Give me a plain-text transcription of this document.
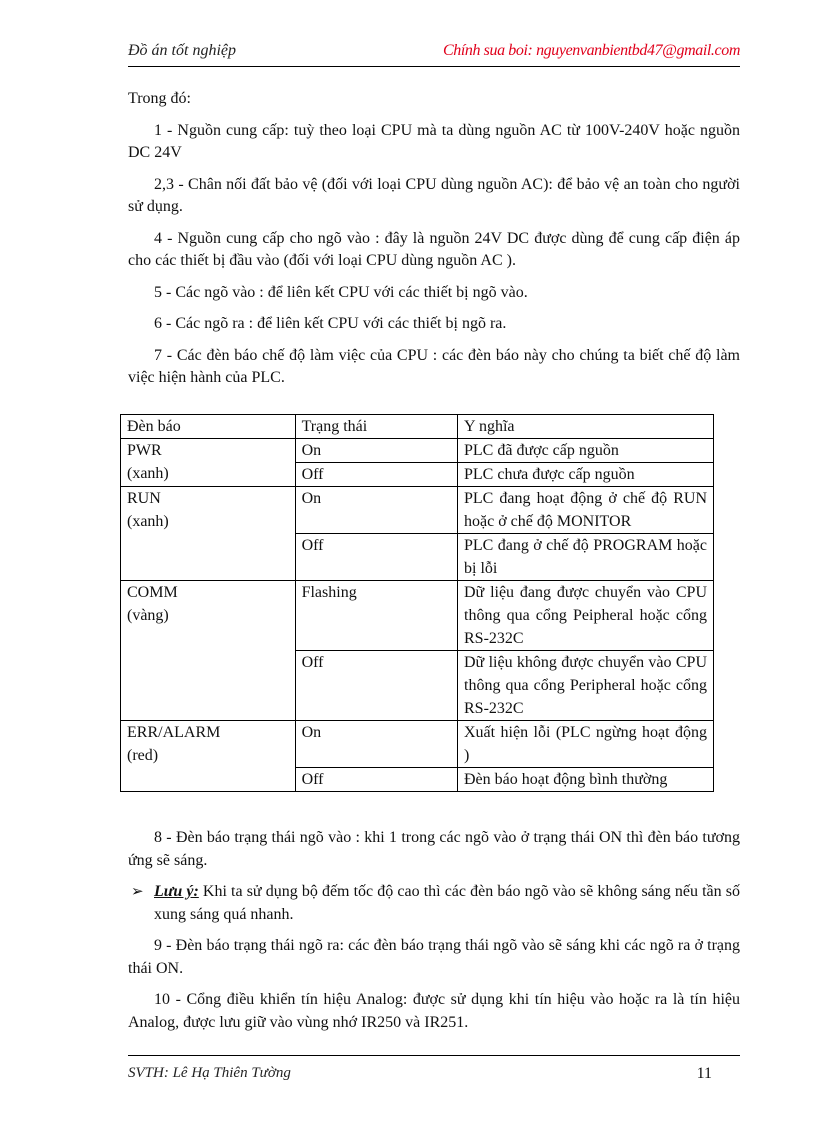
Đồ án tốt nghiệp	Chính sua boi: nguyenvanbientbd47@gmail.com

Trong đó:

1 - Nguồn cung cấp: tuỳ theo loại CPU mà ta dùng nguồn AC từ 100V-240V hoặc nguồn DC 24V

2,3 - Chân nối đất bảo vệ (đối với loại CPU dùng nguồn AC): để bảo vệ an toàn cho người sử dụng.

4 - Nguồn cung cấp cho ngõ vào : đây là nguồn 24V DC được dùng để cung cấp điện áp cho các thiết bị đầu vào (đối với loại CPU dùng nguồn AC ).

5 - Các ngõ vào : để liên kết CPU với các thiết bị ngõ vào.

6 - Các ngõ ra : để liên kết CPU với các thiết bị ngõ ra.

7 - Các đèn báo chế độ làm việc của CPU : các đèn báo này cho chúng ta biết chế độ làm việc hiện hành của PLC.

Đèn báo	Trạng thái	Y nghĩa

PWR
(xanh)	On	PLC đã được cấp nguồn
	Off	PLC chưa được cấp nguồn

RUN
(xanh)	On	PLC đang hoạt động ở chế độ RUN hoặc ở chế độ MONITOR
	Off	PLC đang ở chế độ PROGRAM hoặc bị lỗi

COMM
(vàng)	Flashing	Dữ liệu đang được chuyển vào CPU thông qua cổng Peipheral hoặc cổng RS-232C
	Off	Dữ liệu không được chuyển vào CPU thông qua cổng Peripheral hoặc cổng RS-232C

ERR/ALARM
(red)	On	Xuất hiện lỗi (PLC ngừng hoạt động )
	Off	Đèn báo hoạt động bình thường

8 - Đèn báo trạng thái ngõ vào : khi 1 trong các ngõ vào ở trạng thái ON thì đèn báo tương ứng sẽ sáng.

➢ Lưu ý: Khi ta sử dụng bộ đếm tốc độ cao thì các đèn báo ngõ vào sẽ không sáng nếu tần số xung sáng quá nhanh.

9 - Đèn báo trạng thái ngõ ra: các đèn báo trạng thái ngõ vào sẽ sáng khi các ngõ ra ở trạng thái ON.

10 - Cổng điều khiển tín hiệu Analog: được sử dụng khi tín hiệu vào hoặc ra là tín hiệu Analog, được lưu giữ vào vùng nhớ IR250 và IR251.

SVTH: Lê Hạ Thiên Tường	11
